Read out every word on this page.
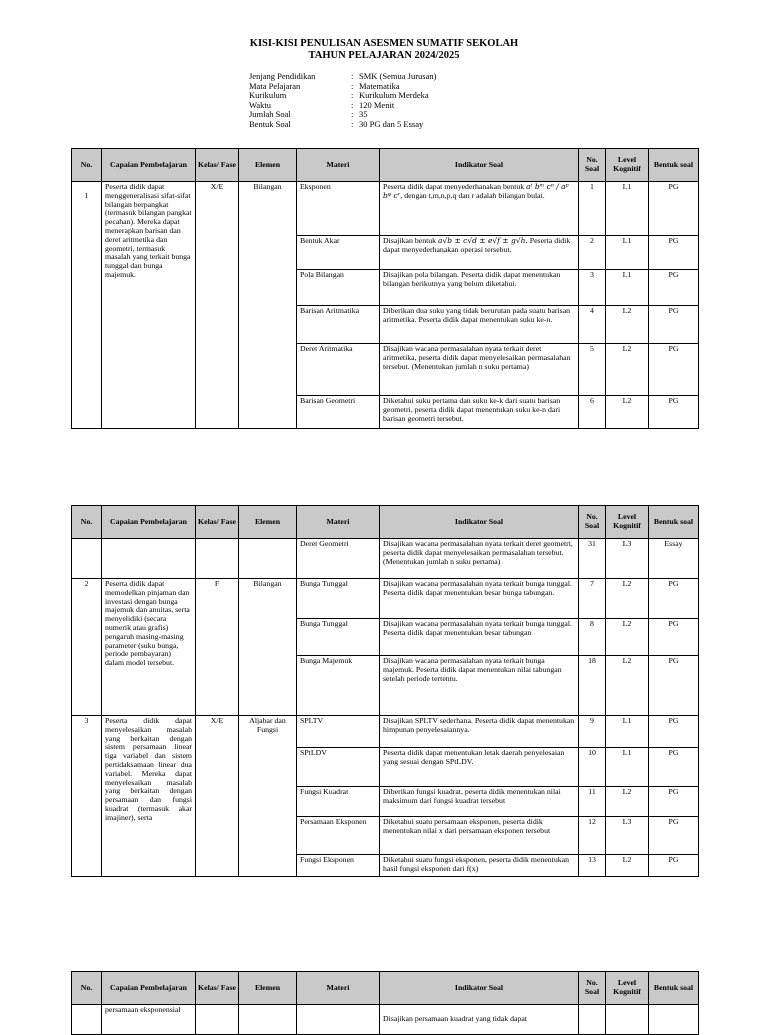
KISI-KISI PENULISAN ASESMEN SUMATIF SEKOLAH
TAHUN PELAJARAN 2024/2025
Jenjang Pendidikan	: SMK (Semua Jurusan)
Mata Pelajaran	: Matematika
Kurikulum	: Kurikulum Merdeka
Waktu	: 120 Menit
Jumlah Soal	: 35
Bentuk Soal	: 30 PG dan 5 Essay
No.	Capaian Pembelajaran	Kelas/ Fase	Elemen	Materi	Indikator Soal	No. Soal	Level Kognitif	Bentuk soal
1	Peserta didik dapat menggeneralisasi sifat-sifat bilangan berpangkat (termasuk bilangan pangkat pecahan). Mereka dapat menerapkan barisan dan deret aritmetika dan geometri, termasuk masalah yang terkait bunga tunggal dan bunga majemuk.	X/E	Bilangan	Eksponen	Peserta didik dapat menyederhanakan bentuk aᵗ bᵐ cⁿ / aᵖ bᵠ cʳ, dengan t,m,n,p,q dan r adalah bilangan bulat.	1	L1	PG
				Bentuk Akar	Disajikan bentuk a√b ± c√d ± e√f ± g√h. Peserta didik dapat menyederhanakan operasi tersebut.	2	L1	PG
				Pola Bilangan	Disajikan pola bilangan. Peserta didik dapat menentukan bilangan berikutnya yang belum diketahui.	3	L1	PG
				Barisan Aritmatika	Diberikan dua suku yang tidak berurutan pada suatu barisan aritmetika. Peserta didik dapat menentukan suku ke-n.	4	L2	PG
				Deret Aritmatika	Disajikan wacana permasalahan nyata terkait deret aritmetika, peserta didik dapat menyelesaikan permasalahan tersebut. (Menentukan jumlah n suku pertama)	5	L2	PG
				Barisan Geometri	Diketahui suku pertama dan suku ke-k dari suatu barisan geometri, peserta didik dapat menentukan suku ke-n dari barisan geometri tersebut.	6	L2	PG
No.	Capaian Pembelajaran	Kelas/ Fase	Elemen	Materi	Indikator Soal	No. Soal	Level Kognitif	Bentuk soal
				Deret Geometri	Disajikan wacana permasalahan nyata terkait deret geometri, peserta didik dapat menyelesaikan permasalahan tersebut. (Menentukan jumlah n suku pertama)	31	L3	Essay
2	Peserta didik dapat memodelkan pinjaman dan investasi dengan bunga majemuk dan anuitas, serta menyelidiki (secara numerik atau grafis) pengaruh masing-masing parameter (suku bunga, periode pembayaran) dalam model tersebut.	F	Bilangan	Bunga Tunggal	Disajikan wacana permasalahan nyata terkait bunga tunggal. Peserta didik dapat menentukan besar bunga tabungan.	7	L2	PG
				Bunga Tunggal	Disajikan wacana permasalahan nyata terkait bunga tunggal. Peserta didik dapat menentukan besar tabungan	8	L2	PG
				Bunga Majemuk	Disajikan wacana permasalahan nyata terkait bunga majemuk. Peserta didik dapat menentukan nilai tabungan setelah periode tertentu.	18	L2	PG
3	Peserta didik dapat menyelesaikan masalah yang berkaitan dengan sistem persamaan linear tiga variabel dan sistem pertidaksamaan linear dua variabel. Mereka dapat menyelesaikan masalah yang berkaitan dengan persamaan dan fungsi kuadrat (termasuk akar imajiner), serta	X/E	Aljabar dan Fungsi	SPLTV	Disajikan SPLTV sederhana. Peserta didik dapat menentukan himpunan penyelesaiannya.	9	L1	PG
				SPtLDV	Peserta didik dapat menentukan letak daerah penyelesaian yang sesuai dengan SPtLDV.	10	L1	PG
				Fungsi Kuadrat	Diberikan fungsi kuadrat, peserta didik menentukan nilai maksimum dari fungsi kuadrat tersebut	11	L2	PG
				Persamaan Eksponen	Diketahui suatu persamaan eksponen, peserta didik menentukan nilai x dari persamaan eksponen tersebut	12	L3	PG
				Fungsi Eksponen	Diketahui suatu fungsi eksponen, peserta didik menentukan hasil fungsi eksponen dari f(x)	13	L2	PG
No.	Capaian Pembelajaran	Kelas/ Fase	Elemen	Materi	Indikator Soal	No. Soal	Level Kognitif	Bentuk soal
	persamaan eksponensial				Disajikan persamaan kuadrat yang tidak dapat			
